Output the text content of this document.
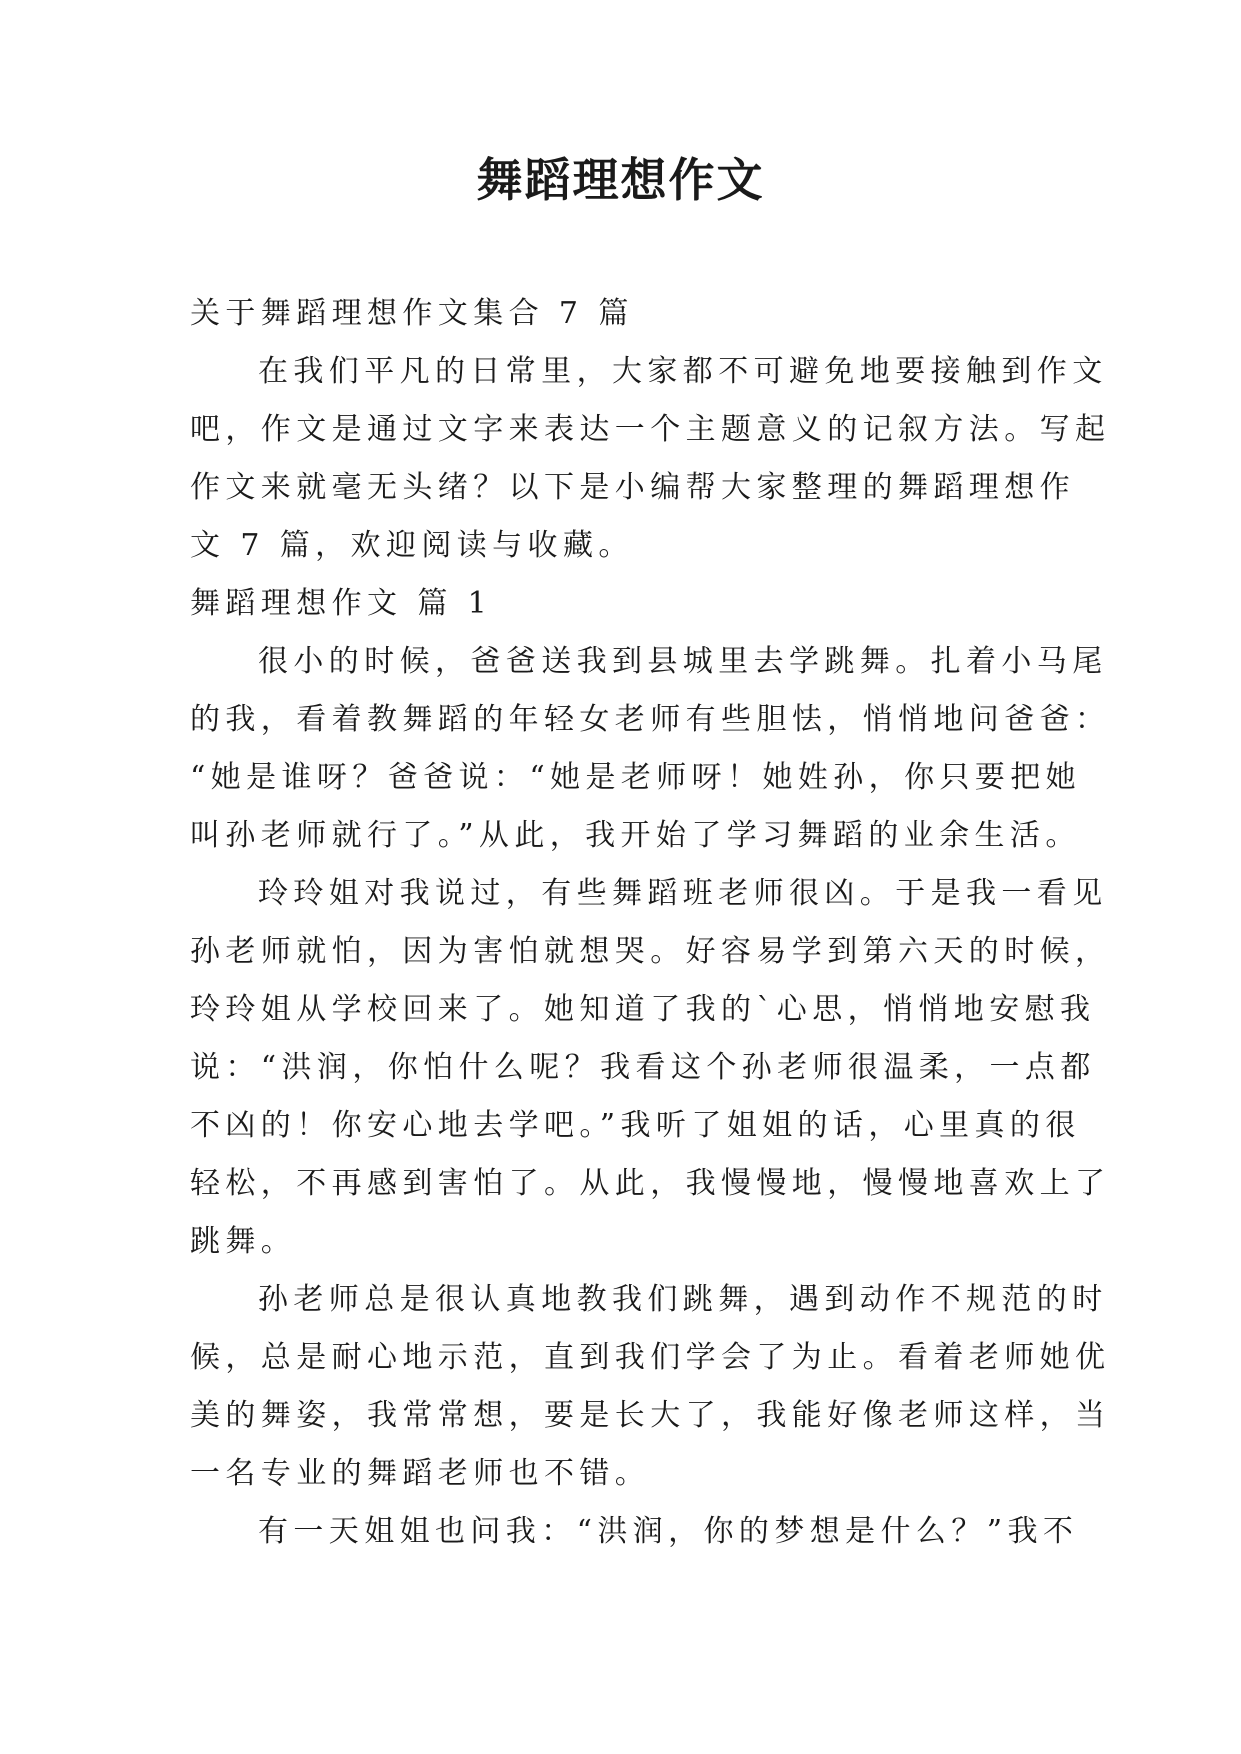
舞蹈理想作文

关于舞蹈理想作文集合 7 篇

在我们平凡的日常里，大家都不可避免地要接触到作文

吧，作文是通过文字来表达一个主题意义的记叙方法。写起

作文来就毫无头绪？以下是小编帮大家整理的舞蹈理想作

文 7 篇，欢迎阅读与收藏。

舞蹈理想作文 篇 1

很小的时候，爸爸送我到县城里去学跳舞。扎着小马尾

的我，看着教舞蹈的年轻女老师有些胆怯，悄悄地问爸爸：

“她是谁呀？爸爸说：“她是老师呀！她姓孙，你只要把她

叫孙老师就行了。”从此，我开始了学习舞蹈的业余生活。

玲玲姐对我说过，有些舞蹈班老师很凶。于是我一看见

孙老师就怕，因为害怕就想哭。好容易学到第六天的时候，

玲玲姐从学校回来了。她知道了我的`心思，悄悄地安慰我

说：“洪润，你怕什么呢？我看这个孙老师很温柔，一点都

不凶的！你安心地去学吧。”我听了姐姐的话，心里真的很

轻松，不再感到害怕了。从此，我慢慢地，慢慢地喜欢上了

跳舞。

孙老师总是很认真地教我们跳舞，遇到动作不规范的时

候，总是耐心地示范，直到我们学会了为止。看着老师她优

美的舞姿，我常常想，要是长大了，我能好像老师这样，当

一名专业的舞蹈老师也不错。

有一天姐姐也问我：“洪润，你的梦想是什么？”我不
